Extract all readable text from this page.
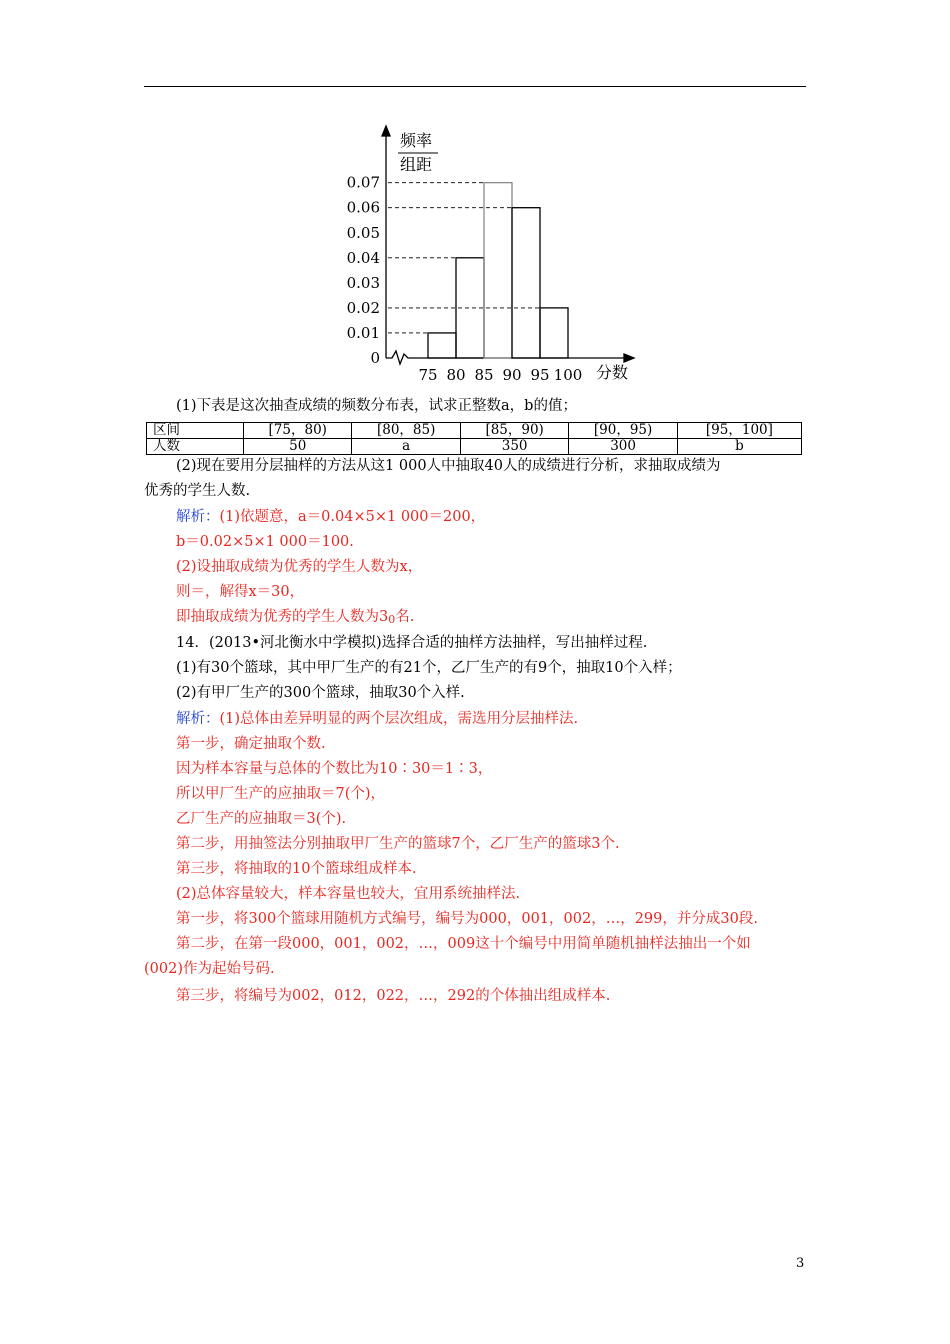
频率
组距
分数
0
0.01
0.02
0.03
0.04
0.05
0.06
0.07
75 80 85 90 95 100
(1)下表是这次抽查成绩的频数分布表，试求正整数a，b的值；
区间	[75，80)	[80，85)	[85，90)	[90，95)	[95，100]
人数	50	a	350	300	b
(2)现在要用分层抽样的方法从这1 000人中抽取40人的成绩进行分析，求抽取成绩为
优秀的学生人数.
解析：(1)依题意，a＝0.04×5×1 000＝200，
b＝0.02×5×1 000＝100.
(2)设抽取成绩为优秀的学生人数为x，
则＝，解得x＝30，
即抽取成绩为优秀的学生人数为30名.
14．(2013•河北衡水中学模拟)选择合适的抽样方法抽样，写出抽样过程.
(1)有30个篮球，其中甲厂生产的有21个，乙厂生产的有9个，抽取10个入样；
(2)有甲厂生产的300个篮球，抽取30个入样.
解析：(1)总体由差异明显的两个层次组成，需选用分层抽样法.
第一步，确定抽取个数.
因为样本容量与总体的个数比为10∶30＝1∶3，
所以甲厂生产的应抽取＝7(个)，
乙厂生产的应抽取＝3(个).
第二步，用抽签法分别抽取甲厂生产的篮球7个，乙厂生产的篮球3个.
第三步，将抽取的10个篮球组成样本.
(2)总体容量较大，样本容量也较大，宜用系统抽样法.
第一步，将300个篮球用随机方式编号，编号为000，001，002，…，299，并分成30段.
第二步，在第一段000，001，002，…，009这十个编号中用简单随机抽样法抽出一个如
(002)作为起始号码.
第三步，将编号为002，012，022，…，292的个体抽出组成样本.
3
